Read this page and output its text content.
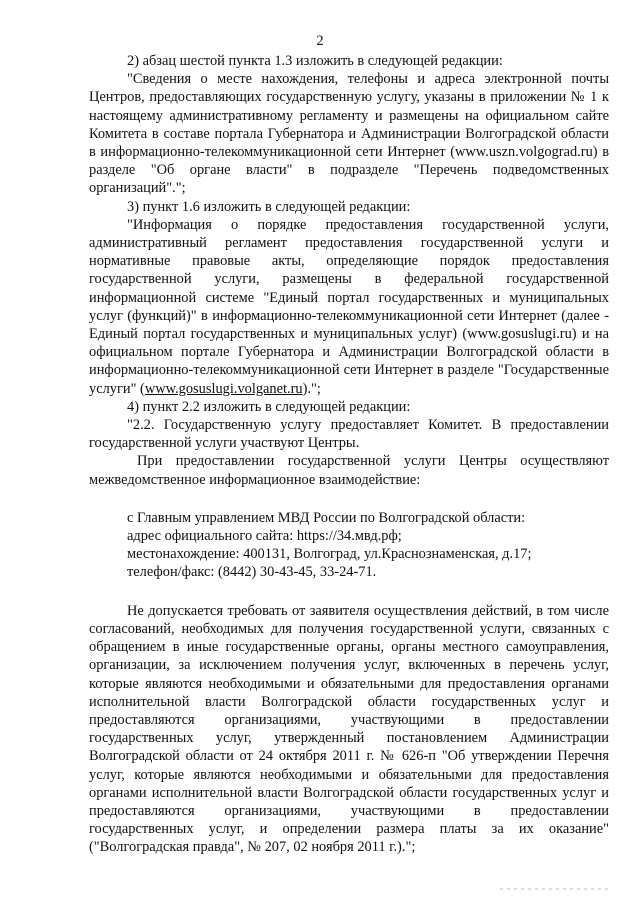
2

2) абзац шестой пункта 1.3 изложить в следующей редакции:

"Сведения о месте нахождения, телефоны и адреса электронной почты Центров, предоставляющих государственную услугу, указаны в приложении № 1 к настоящему административному регламенту и размещены на официальном сайте Комитета в составе портала Губернатора и Администрации Волгоградской области в информационно-телекоммуникационной сети Интернет (www.uszn.volgograd.ru) в разделе "Об органе власти" в подразделе "Перечень подведомственных организаций".";

3) пункт 1.6 изложить в следующей редакции:

"Информация о порядке предоставления государственной услуги, административный регламент предоставления государственной услуги и нормативные правовые акты, определяющие порядок предоставления государственной услуги, размещены в федеральной государственной информационной системе "Единый портал государственных и муниципальных услуг (функций)" в информационно-телекоммуникационной сети Интернет (далее - Единый портал государственных и муниципальных услуг) (www.gosuslugi.ru) и на официальном портале Губернатора и Администрации Волгоградской области в информационно-телекоммуникационной сети Интернет в разделе "Государственные услуги" (www.gosuslugi.volganet.ru).";

4) пункт 2.2 изложить в следующей редакции:

"2.2. Государственную услугу предоставляет Комитет. В предоставлении государственной услуги участвуют Центры.

При предоставлении государственной услуги Центры осуществляют межведомственное информационное взаимодействие:

с Главным управлением МВД России по Волгоградской области:
адрес официального сайта: https://34.мвд.рф;
местонахождение: 400131, Волгоград, ул.Краснознаменская, д.17;
телефон/факс: (8442) 30-43-45, 33-24-71.

Не допускается требовать от заявителя осуществления действий, в том числе согласований, необходимых для получения государственной услуги, связанных с обращением в иные государственные органы, органы местного самоуправления, организации, за исключением получения услуг, включенных в перечень услуг, которые являются необходимыми и обязательными для предоставления органами исполнительной власти Волгоградской области государственных услуг и предоставляются организациями, участвующими в предоставлении государственных услуг, утвержденный постановлением Администрации Волгоградской области от 24 октября 2011 г. № 626-п "Об утверждении Перечня услуг, которые являются необходимыми и обязательными для предоставления органами исполнительной власти Волгоградской области государственных услуг и предоставляются организациями, участвующими в предоставлении государственных услуг, и определении размера платы за их оказание" ("Волгоградская правда", № 207, 02 ноября 2011 г.).";
